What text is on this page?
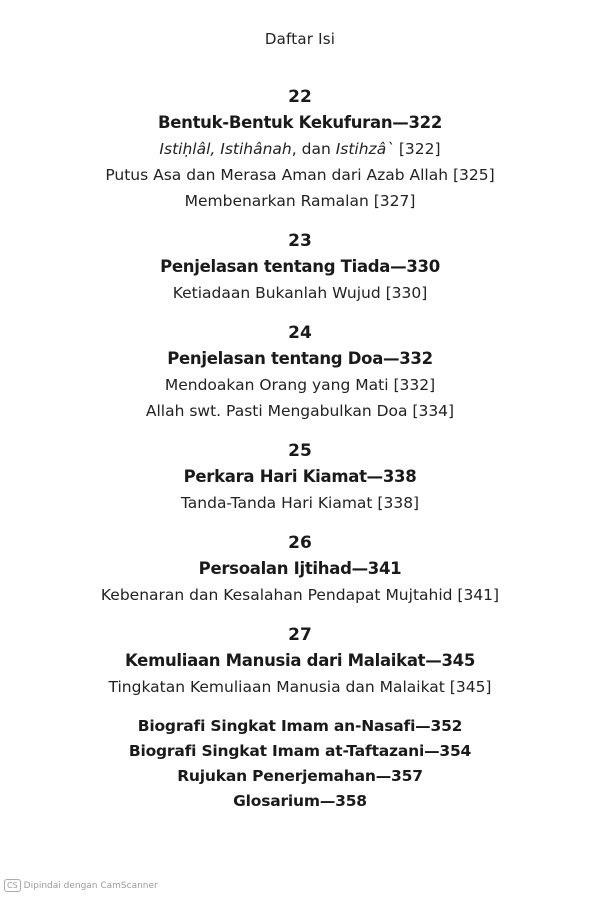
Daftar Isi
22
Bentuk-Bentuk Kekufuran—322
Istiḥlâl, Istihânah, dan Istihzâ` [322]
Putus Asa dan Merasa Aman dari Azab Allah [325]
Membenarkan Ramalan [327]
23
Penjelasan tentang Tiada—330
Ketiadaan Bukanlah Wujud [330]
24
Penjelasan tentang Doa—332
Mendoakan Orang yang Mati [332]
Allah swt. Pasti Mengabulkan Doa [334]
25
Perkara Hari Kiamat—338
Tanda-Tanda Hari Kiamat [338]
26
Persoalan Ijtihad—341
Kebenaran dan Kesalahan Pendapat Mujtahid [341]
27
Kemuliaan Manusia dari Malaikat—345
Tingkatan Kemuliaan Manusia dan Malaikat [345]
Biografi Singkat Imam an-Nasafi—352
Biografi Singkat Imam at-Taftazani—354
Rujukan Penerjemahan—357
Glosarium—358
CS Dipindai dengan CamScanner
